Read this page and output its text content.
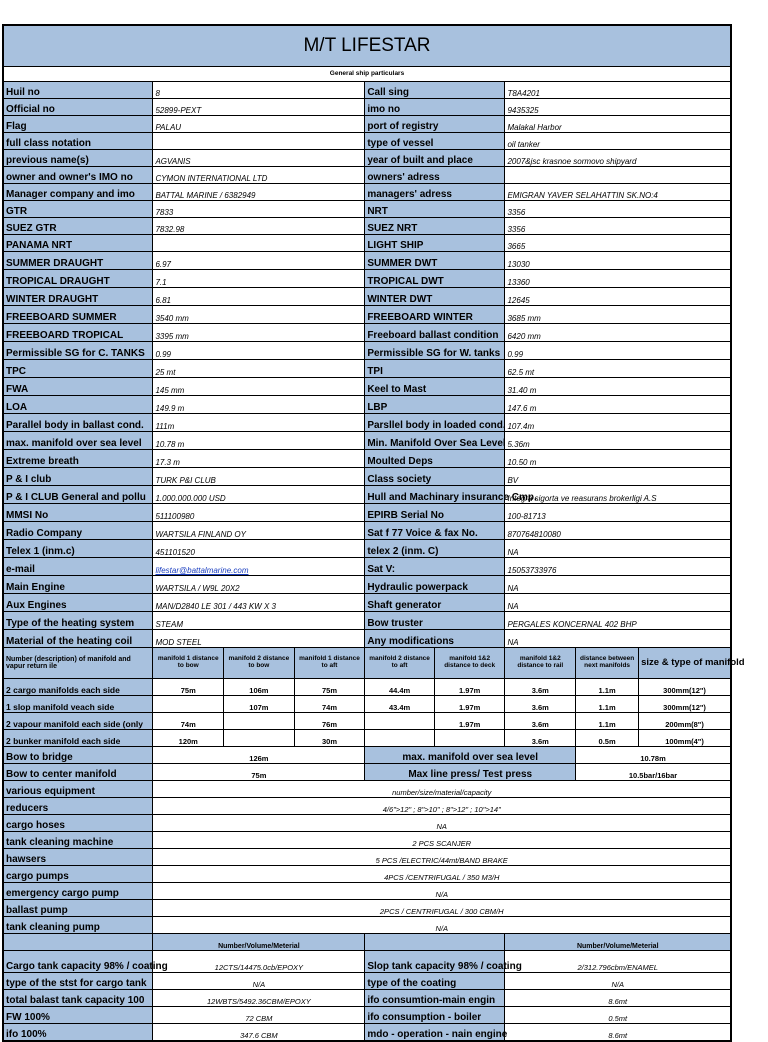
M/T LIFESTAR								
General ship particulars								
Huil no	8			Call sing		T8A4201		
Official no	52899-PEXT			imo no		9435325		
Flag	PALAU			port of registry		Malakal Harbor		
full class notation				type of vessel		oil tanker		
previous name(s)	AGVANIS			year of built and place		2007&jsc krasnoe sormovo shipyard		
owner and owner's IMO no	CYMON INTERNATIONAL LTD			owners' adress				
Manager company and imo	BATTAL MARINE / 6382949			managers' adress		EMIGRAN YAVER SELAHATTIN SK.NO:4		
GTR	7833			NRT		3356		
SUEZ GTR	7832.98			SUEZ NRT		3356		
PANAMA NRT				LIGHT SHIP		3665		
SUMMER DRAUGHT	6.97			SUMMER DWT		13030		
TROPICAL DRAUGHT	7.1			TROPICAL DWT		13360		
WINTER DRAUGHT	6.81			WINTER DWT		12645		
FREEBOARD SUMMER	3540 mm			FREEBOARD WINTER		3685 mm		
FREEBOARD TROPICAL	3395 mm			Freeboard ballast condition		6420 mm		
Permissible SG for C. TANKS	0.99			Permissible SG for W. tanks		0.99		
TPC	25 mt			TPI		62.5 mt		
FWA	145 mm			Keel to Mast		31.40 m		
LOA	149.9 m			LBP		147.6 m		
Parallel body in ballast cond.	111m			Parsllel body in loaded cond.		107.4m		
max. manifold over sea level	10.78 m			Min. Manifold Over Sea Level		5.36m		
Extreme breath	17.3 m			Moulted Deps		10.50 m		
P & I club	TURK P&I CLUB			Class society		BV		
P & I CLUB General and pollu	1.000.000.000 USD			Hull and Machinary insurance Cmp.		Integra sigorta ve reasurans brokerligi A.S		
MMSI No	511100980			EPIRB Serial No		100-81713		
Radio Company	WARTSILA FINLAND OY			Sat f 77 Voice & fax No.		870764810080		
Telex 1 (inm.c)	451101520			telex 2 (inm. C)		NA		
e-mail	lifestar@battalmarine.com			Sat V:		15053733976		
Main Engine	WARTSILA / W9L 20X2			Hydraulic powerpack		NA		
Aux Engines	MAN/D2840 LE 301 / 443 KW X 3			Shaft generator		NA		
Type of the heating system	STEAM			Bow truster		PERGALES KONCERNAL 402 BHP		
Material of the heating coil	MOD STEEL			Any modifications		NA		
Number (description) of manifold and vapur return ile	manifold 1 distance to bow	manifold 2 distance to bow	manifold 1 distance to aft	manifold 2 distance to aft	manifold 1&2 distance to deck	manifold 1&2 distance to rail	distance between next manifolds	size & type of manifold
2 cargo manifolds each side	75m	106m	75m	44.4m	1.97m	3.6m	1.1m	300mm(12")
1 slop manifold veach side		107m	74m	43.4m	1.97m	3.6m	1.1m	300mm(12")
2 vapour manifold each side (only	74m		76m		1.97m	3.6m	1.1m	200mm(8")
2 bunker manifold each side	120m		30m			3.6m	0.5m	100mm(4")
Bow to bridge	126m			max. manifold over sea level			10.78m	
Bow to center manifold	75m			Max line press/ Test press			10.5bar/16bar	
various equipment	number/size/material/capacity							
reducers	4/6">12" ; 8">10" ; 8">12" ; 10">14"							
cargo hoses	NA							
tank cleaning machine	2 PCS SCANJER							
hawsers	5 PCS /ELECTRIC/44mt/BAND BRAKE							
cargo pumps	4PCS /CENTRIFUGAL / 350 M3/H							
emergency cargo pump	N/A							
ballast pump	2PCS / CENTRIFUGAL / 300 CBM/H							
tank cleaning pump	N/A							
	Number/Volume/Meterial					Number/Volume/Meterial		
Cargo tank capacity 98% / coating	12CTS/14475.0cb/EPOXY			Slop tank capacity 98% / coating		2/312.796cbm/ENAMEL		
type of the stst for cargo tank	N/A			type of the coating		N/A		
total balast tank capacity 100	12WBTS/5492.36CBM/EPOXY			ifo consumtion-main engin		8.6mt		
FW 100%	72 CBM			ifo consumption - boiler		0.5mt		
ifo 100%	347.6 CBM			mdo - operation - nain engine		8.6mt		
